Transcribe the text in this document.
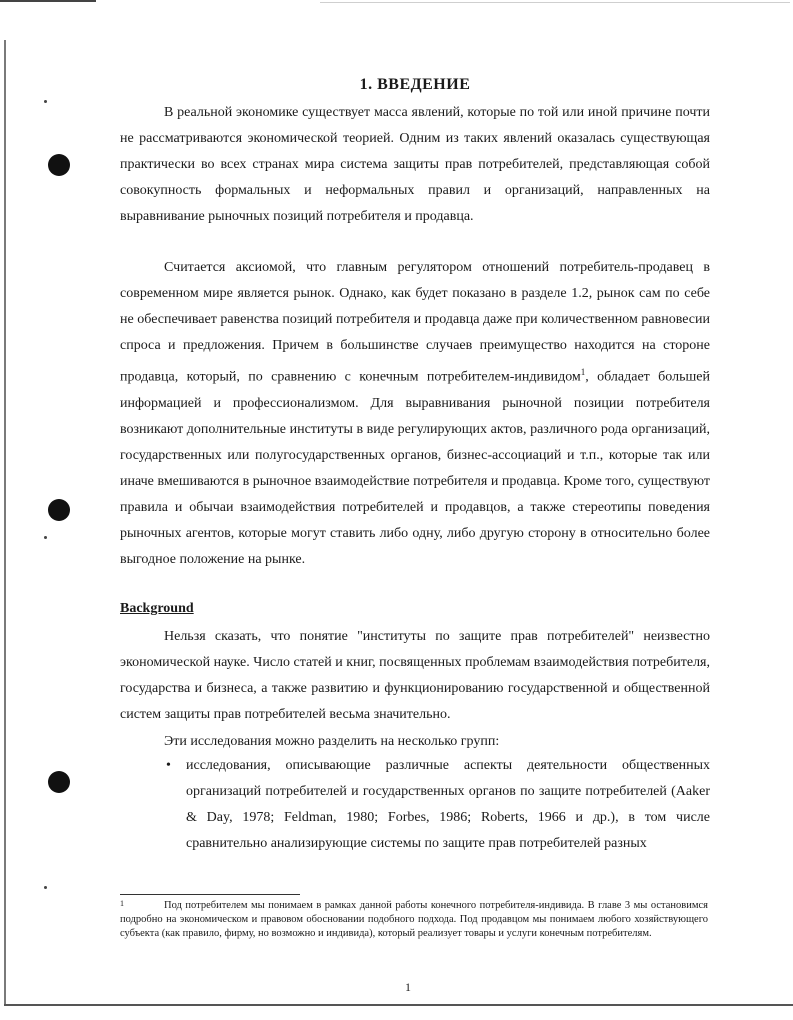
1. ВВЕДЕНИЕ

В реальной экономике существует масса явлений, которые по той или иной причине почти не рассматриваются экономической теорией. Одним из таких явлений оказалась существующая практически во всех странах мира система защиты прав потребителей, представляющая собой совокупность формальных и неформальных правил и организаций, направленных на выравнивание рыночных позиций потребителя и продавца.

Считается аксиомой, что главным регулятором отношений потребитель-продавец в современном мире является рынок. Однако, как будет показано в разделе 1.2, рынок сам по себе не обеспечивает равенства позиций потребителя и продавца даже при количественном равновесии спроса и предложения. Причем в большинстве случаев преимущество находится на стороне продавца, который, по сравнению с конечным потребителем-индивидом$^1$, обладает большей информацией и профессионализмом. Для выравнивания рыночной позиции потребителя возникают дополнительные институты в виде регулирующих актов, различного рода организаций, государственных или полугосударственных органов, бизнес-ассоциаций и т.п., которые так или иначе вмешиваются в рыночное взаимодействие потребителя и продавца. Кроме того, существуют правила и обычаи взаимодействия потребителей и продавцов, а также стереотипы поведения рыночных агентов, которые могут ставить либо одну, либо другую сторону в относительно более выгодное положение на рынке.

Background

Нельзя сказать, что понятие "институты по защите прав потребителей" неизвестно экономической науке. Число статей и книг, посвященных проблемам взаимодействия потребителя, государства и бизнеса, а также развитию и функционированию государственной и общественной систем защиты прав потребителей весьма значительно.

Эти исследования можно разделить на несколько групп:

• исследования, описывающие различные аспекты деятельности общественных организаций потребителей и государственных органов по защите потребителей (Aaker & Day, 1978; Feldman, 1980; Forbes, 1986; Roberts, 1966 и др.), в том числе сравнительно анализирующие системы по защите прав потребителей разных

1	Под потребителем мы понимаем в рамках данной работы конечного потребителя-индивида. В главе 3 мы остановимся подробно на экономическом и правовом обосновании подобного подхода. Под продавцом мы понимаем любого хозяйствующего субъекта (как правило, фирму, но возможно и индивида), который реализует товары и услуги конечным потребителям.

1
